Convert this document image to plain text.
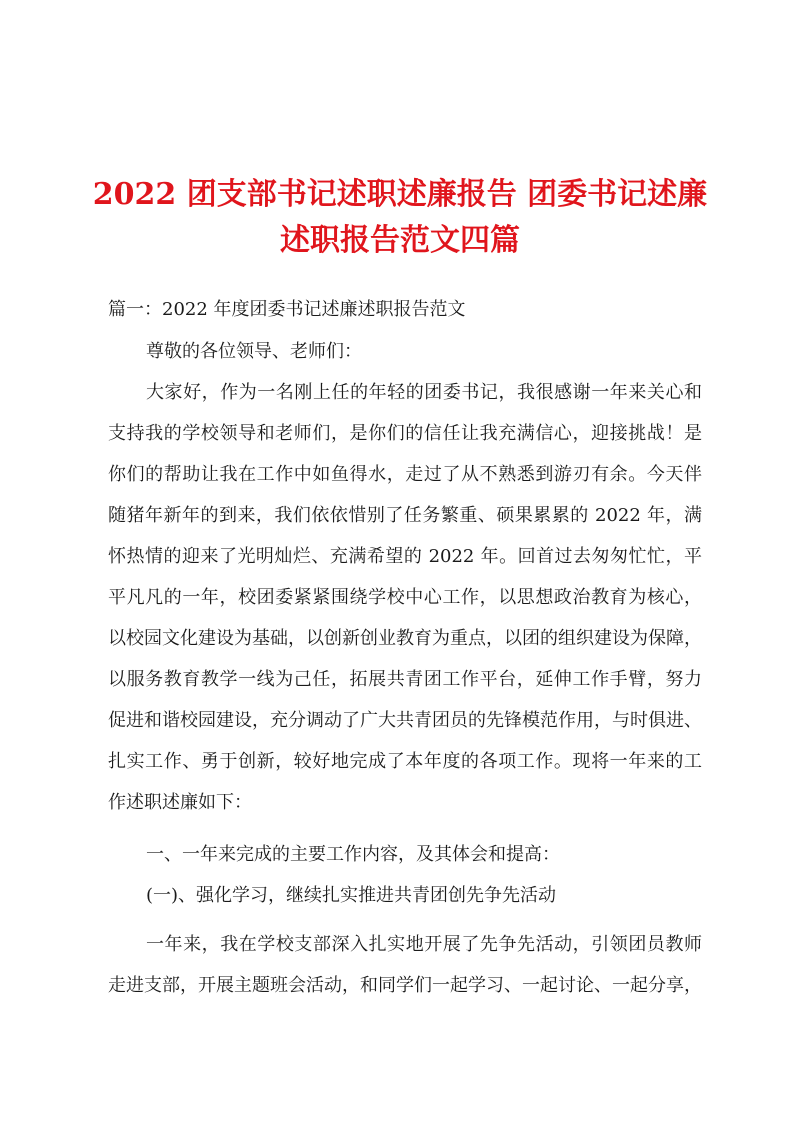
2022 团支部书记述职述廉报告 团委书记述廉
述职报告范文四篇
篇一：2022 年度团委书记述廉述职报告范文
尊敬的各位领导、老师们：
大家好，作为一名刚上任的年轻的团委书记，我很感谢一年来关心和
支持我的学校领导和老师们，是你们的信任让我充满信心，迎接挑战！是
你们的帮助让我在工作中如鱼得水，走过了从不熟悉到游刃有余。今天伴
随猪年新年的到来，我们依依惜别了任务繁重、硕果累累的 2022 年，满
怀热情的迎来了光明灿烂、充满希望的 2022 年。回首过去匆匆忙忙，平
平凡凡的一年，校团委紧紧围绕学校中心工作，以思想政治教育为核心，
以校园文化建设为基础，以创新创业教育为重点，以团的组织建设为保障，
以服务教育教学一线为己任，拓展共青团工作平台，延伸工作手臂，努力
促进和谐校园建设，充分调动了广大共青团员的先锋模范作用，与时俱进、
扎实工作、勇于创新，较好地完成了本年度的各项工作。现将一年来的工
作述职述廉如下：
一、一年来完成的主要工作内容，及其体会和提高：
(一)、强化学习，继续扎实推进共青团创先争先活动
一年来，我在学校支部深入扎实地开展了先争先活动，引领团员教师
走进支部，开展主题班会活动，和同学们一起学习、一起讨论、一起分享，
